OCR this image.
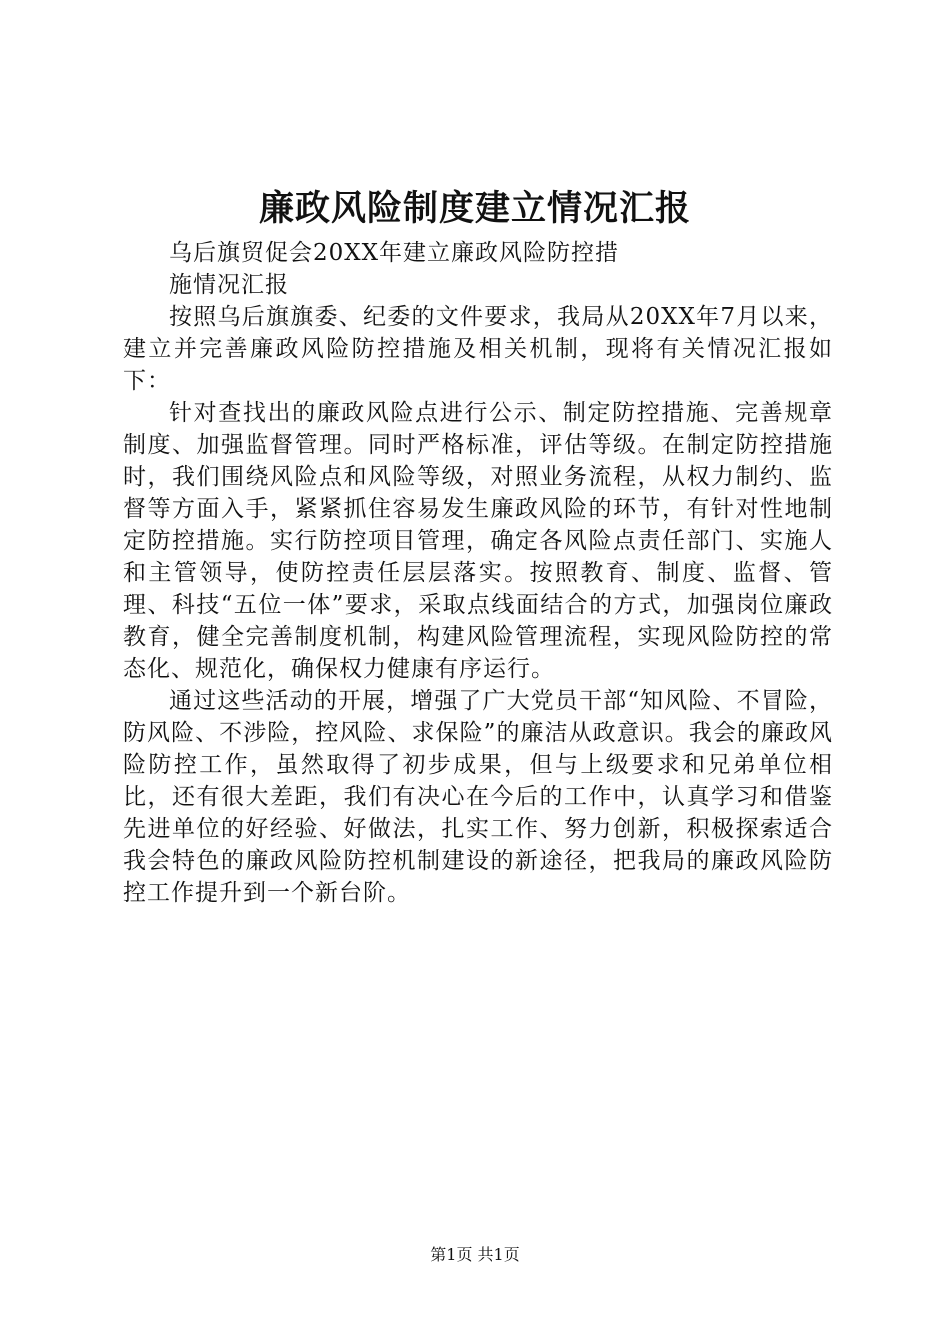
廉政风险制度建立情况汇报

乌后旗贸促会20XX年建立廉政风险防控措

施情况汇报

按照乌后旗旗委、纪委的文件要求，我局从20XX年7月以来，建立并完善廉政风险防控措施及相关机制，现将有关情况汇报如下：

针对查找出的廉政风险点进行公示、制定防控措施、完善规章制度、加强监督管理。同时严格标准，评估等级。在制定防控措施时，我们围绕风险点和风险等级，对照业务流程，从权力制约、监督等方面入手，紧紧抓住容易发生廉政风险的环节，有针对性地制定防控措施。实行防控项目管理，确定各风险点责任部门、实施人和主管领导，使防控责任层层落实。按照教育、制度、监督、管理、科技“五位一体”要求，采取点线面结合的方式，加强岗位廉政教育，健全完善制度机制，构建风险管理流程，实现风险防控的常态化、规范化，确保权力健康有序运行。

通过这些活动的开展，增强了广大党员干部“知风险、不冒险，防风险、不涉险，控风险、求保险”的廉洁从政意识。我会的廉政风险防控工作，虽然取得了初步成果，但与上级要求和兄弟单位相比，还有很大差距，我们有决心在今后的工作中，认真学习和借鉴先进单位的好经验、好做法，扎实工作、努力创新，积极探索适合我会特色的廉政风险防控机制建设的新途径，把我局的廉政风险防控工作提升到一个新台阶。

第1页 共1页
